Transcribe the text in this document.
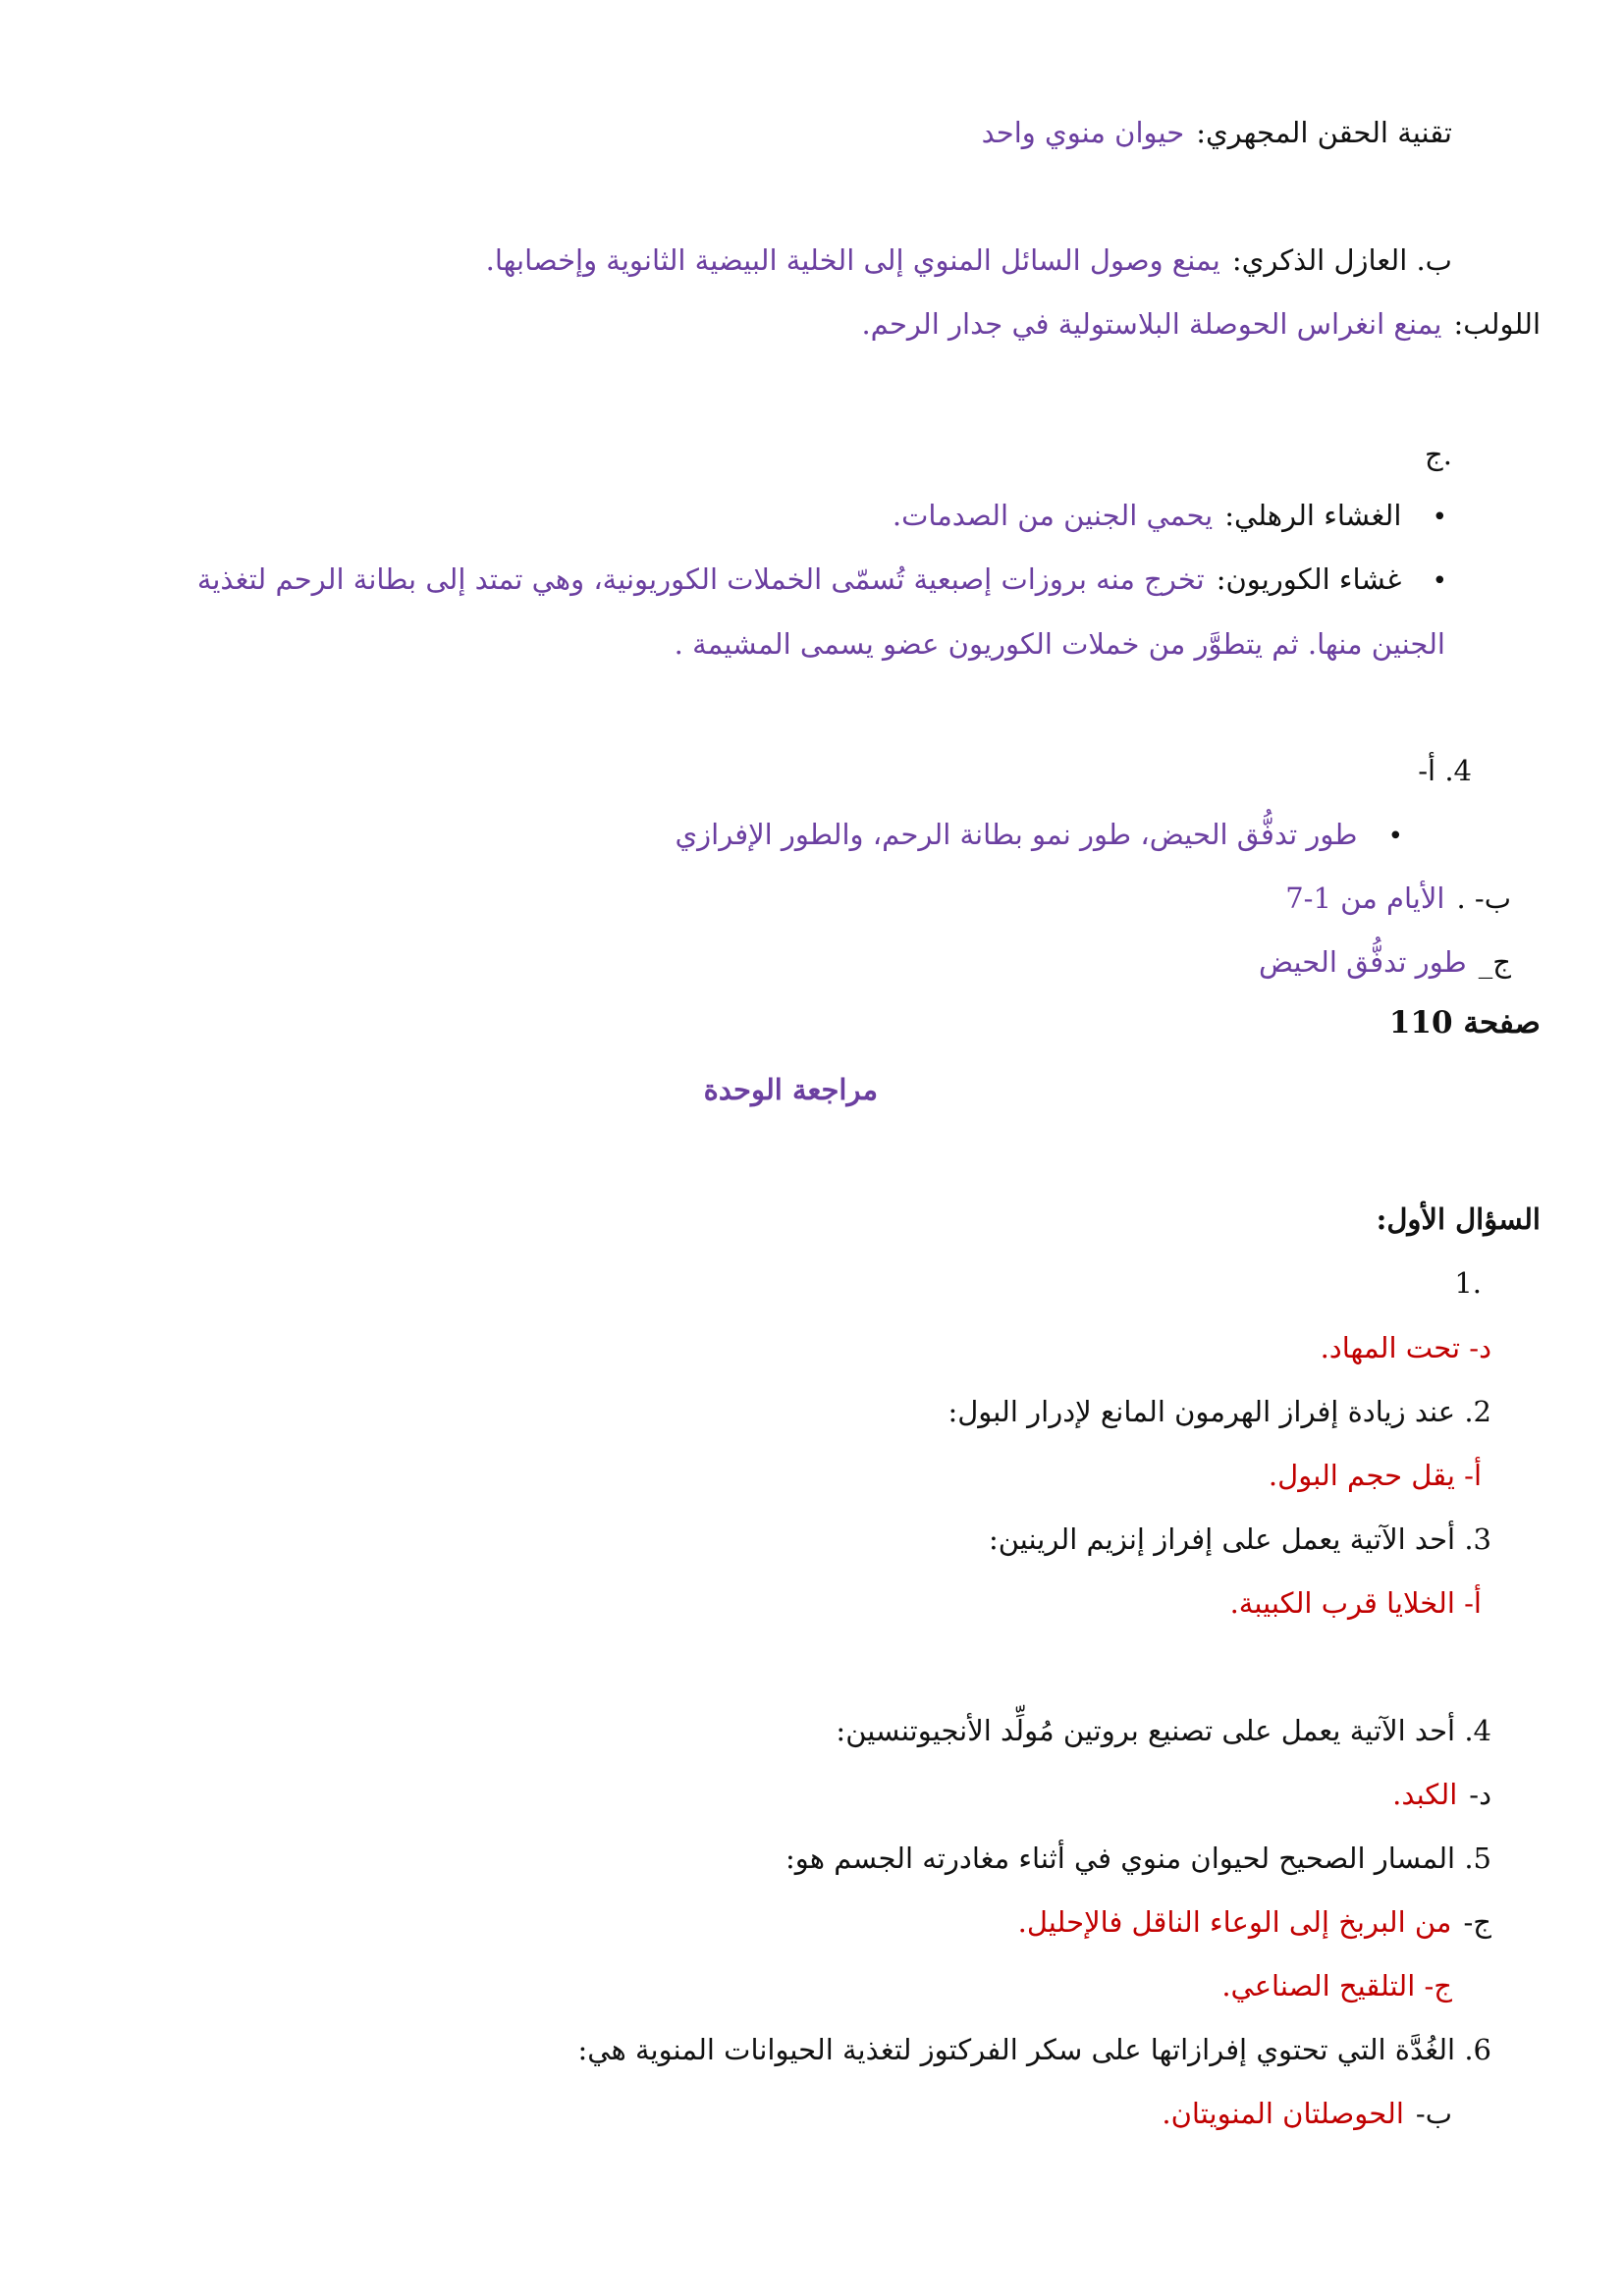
تقنية الحقن المجهري:حيوان منوي واحد
ب. العازل الذكري:يمنع وصول السائل المنوي إلى الخلية البيضية الثانوية وإخصابها.
اللولب:يمنع انغراس الحوصلة البلاستولية في جدار الرحم.
.ج
• الغشاء الرهلي:يحمي الجنين من الصدمات.
• غشاء الكوريون:تخرج منه بروزات إصبعية تُسمّى الخملات الكوريونية، وهي تمتد إلى بطانة الرحم لتغذية
الجنين منها. ثم يتطوَّر من خملات الكوريون عضو يسمى المشيمة .
4. أ-
• طور تدفُّق الحيض، طور نمو بطانة الرحم، والطور الإفرازي
ب- .الأيام من 1-7
ج_طور تدفُّق الحيض
صفحة 110
مراجعة الوحدة
السؤال الأول:
.1
د- تحت المهاد.
2. عند زيادة إفراز الهرمون المانع لإدرار البول:
أ- يقل حجم البول.
3. أحد الآتية يعمل على إفراز إنزيم الرينين:
أ- الخلايا قرب الكبيبة.
4. أحد الآتية يعمل على تصنيع بروتين مُولِّد الأنجيوتنسين:
د-الكبد.
5. المسار الصحيح لحيوان منوي في أثناء مغادرته الجسم هو:
ج-من البربخ إلى الوعاء الناقل فالإحليل.
ج- التلقيح الصناعي.
6. الغُدَّة التي تحتوي إفرازاتها على سكر الفركتوز لتغذية الحيوانات المنوية هي:
ب-الحوصلتان المنويتان.
